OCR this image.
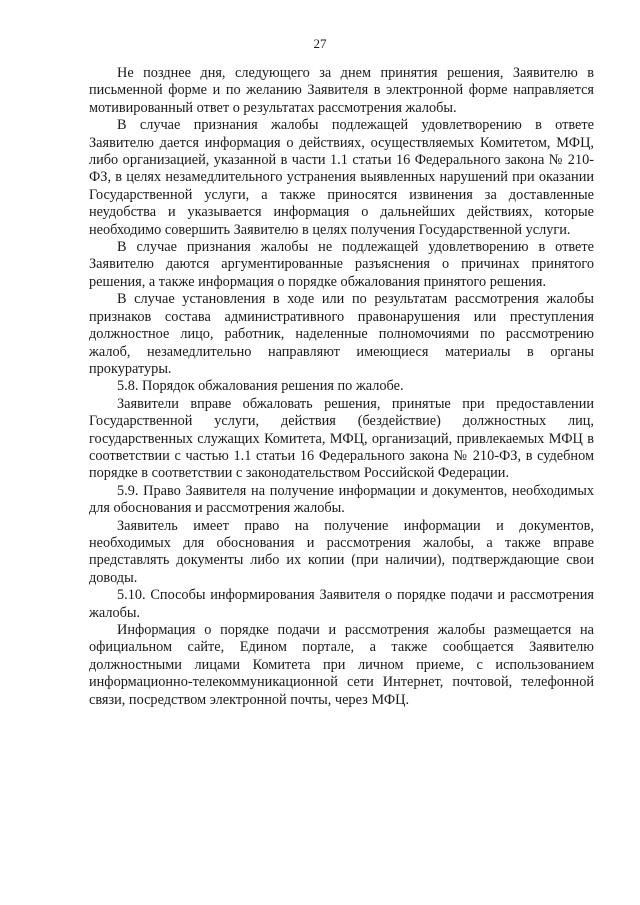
27

Не позднее дня, следующего за днем принятия решения, Заявителю в письменной форме и по желанию Заявителя в электронной форме направляется мотивированный ответ о результатах рассмотрения жалобы.

В случае признания жалобы подлежащей удовлетворению в ответе Заявителю дается информация о действиях, осуществляемых Комитетом, МФЦ, либо организацией, указанной в части 1.1 статьи 16 Федерального закона № 210-ФЗ, в целях незамедлительного устранения выявленных нарушений при оказании Государственной услуги, а также приносятся извинения за доставленные неудобства и указывается информация о дальнейших действиях, которые необходимо совершить Заявителю в целях получения Государственной услуги.

В случае признания жалобы не подлежащей удовлетворению в ответе Заявителю даются аргументированные разъяснения о причинах принятого решения, а также информация о порядке обжалования принятого решения.

В случае установления в ходе или по результатам рассмотрения жалобы признаков состава административного правонарушения или преступления должностное лицо, работник, наделенные полномочиями по рассмотрению жалоб, незамедлительно направляют имеющиеся материалы в органы прокуратуры.

5.8. Порядок обжалования решения по жалобе.

Заявители вправе обжаловать решения, принятые при предоставлении Государственной услуги, действия (бездействие) должностных лиц, государственных служащих Комитета, МФЦ, организаций, привлекаемых МФЦ в соответствии с частью 1.1 статьи 16 Федерального закона № 210-ФЗ, в судебном порядке в соответствии с законодательством Российской Федерации.

5.9. Право Заявителя на получение информации и документов, необходимых для обоснования и рассмотрения жалобы.

Заявитель имеет право на получение информации и документов, необходимых для обоснования и рассмотрения жалобы, а также вправе представлять документы либо их копии (при наличии), подтверждающие свои доводы.

5.10. Способы информирования Заявителя о порядке подачи и рассмотрения жалобы.

Информация о порядке подачи и рассмотрения жалобы размещается на официальном сайте, Едином портале, а также сообщается Заявителю должностными лицами Комитета при личном приеме, с использованием информационно-телекоммуникационной сети Интернет, почтовой, телефонной связи, посредством электронной почты, через МФЦ.
